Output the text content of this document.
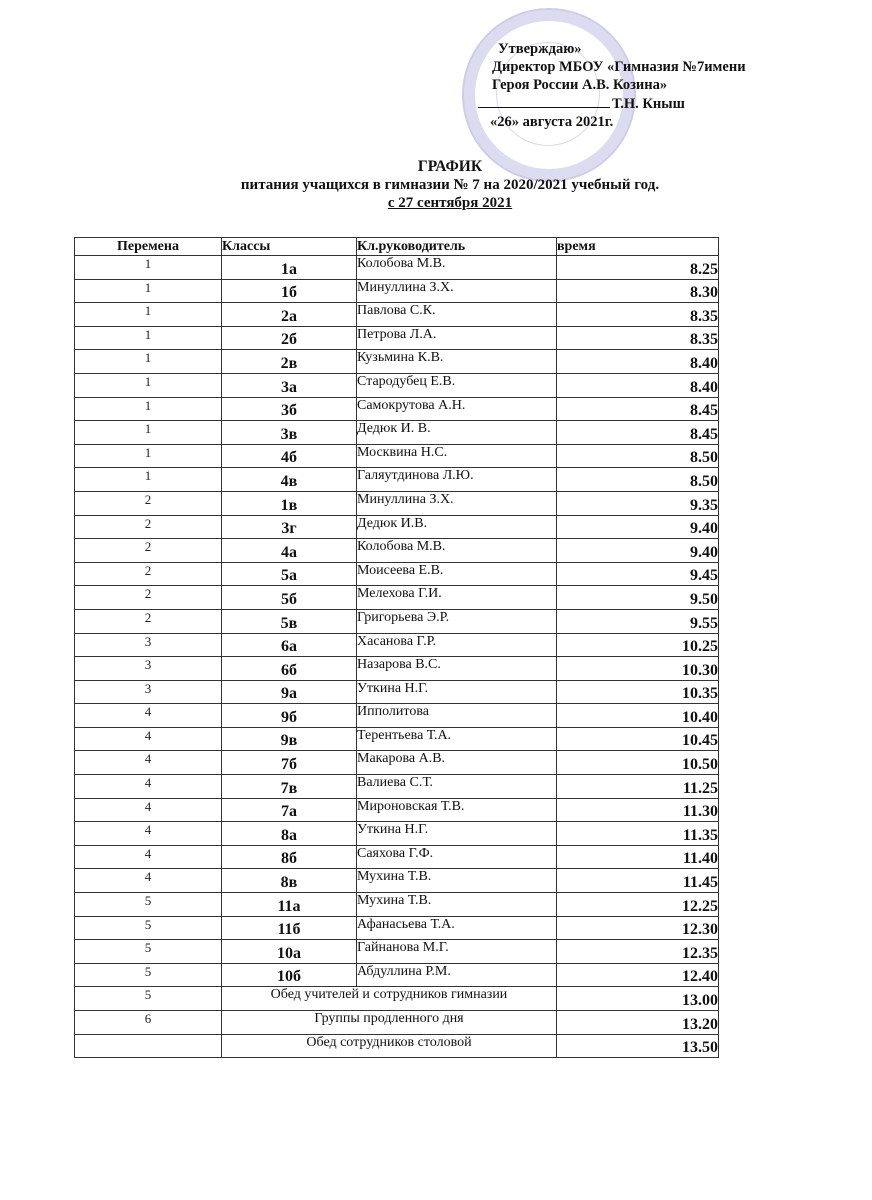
Утверждаю»
Директор МБОУ «Гимназия №7имени
Героя России А.В. Козина»
Т.Н. Кныш
«26» августа 2021г.
ГРАФИК
питания учащихся в гимназии № 7 на 2020/2021 учебный год.
с 27 сентября 2021
Перемена	Классы	Кл.руководитель	время
1	1а	Колобова М.В.	8.25
1	1б	Минуллина З.Х.	8.30
1	2а	Павлова С.К.	8.35
1	2б	Петрова Л.А.	8.35
1	2в	Кузьмина К.В.	8.40
1	3а	Стародубец Е.В.	8.40
1	3б	Самокрутова А.Н.	8.45
1	3в	Дедюк И. В.	8.45
1	4б	Москвина Н.С.	8.50
1	4в	Галяутдинова Л.Ю.	8.50
2	1в	Минуллина З.Х.	9.35
2	3г	Дедюк И.В.	9.40
2	4а	Колобова М.В.	9.40
2	5а	Моисеева Е.В.	9.45
2	5б	Мелехова Г.И.	9.50
2	5в	Григорьева Э.Р.	9.55
3	6а	Хасанова Г.Р.	10.25
3	6б	Назарова В.С.	10.30
3	9а	Уткина Н.Г.	10.35
4	9б	Ипполитова	10.40
4	9в	Терентьева Т.А.	10.45
4	7б	Макарова А.В.	10.50
4	7в	Валиева С.Т.	11.25
4	7а	Мироновская Т.В.	11.30
4	8а	Уткина Н.Г.	11.35
4	8б	Саяхова Г.Ф.	11.40
4	8в	Мухина Т.В.	11.45
5	11а	Мухина Т.В.	12.25
5	11б	Афанасьева Т.А.	12.30
5	10а	Гайнанова М.Г.	12.35
5	10б	Абдуллина Р.М.	12.40
5	Обед учителей и сотрудников гимназии		13.00
6	Группы продленного дня		13.20
	Обед сотрудников столовой		13.50
